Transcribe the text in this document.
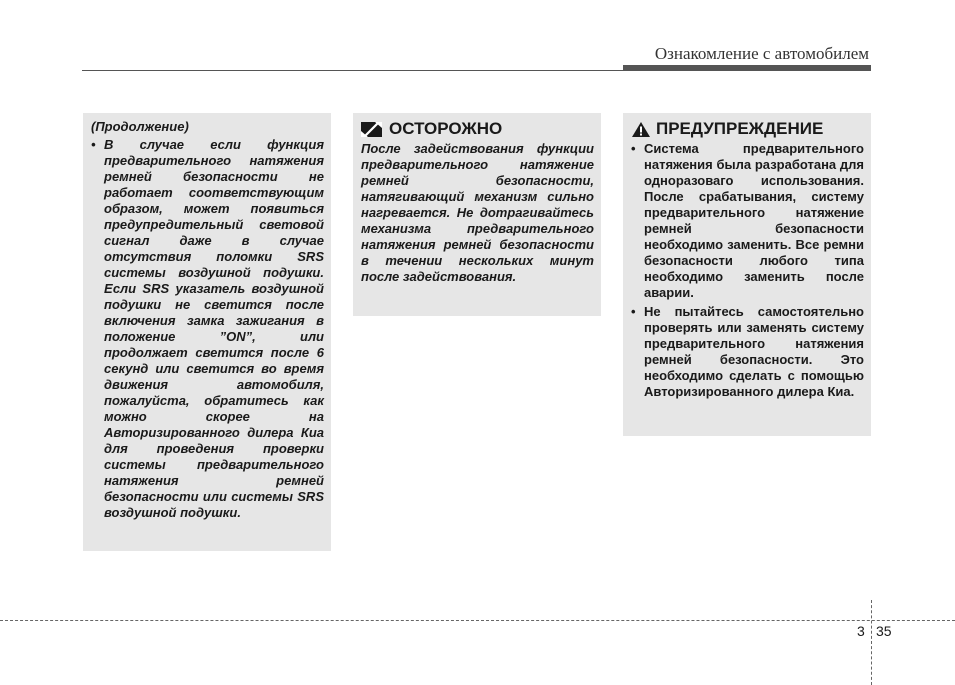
Ознакомление с автомобилем
(Продолжение)
• В случае если функция предварительного натяжения ремней безопасности не работает соответствующим образом, может появиться предупредительный световой сигнал даже в случае отсутствия поломки SRS системы воздушной подушки. Если SRS указатель воздушной подушки не светится после включения замка зажигания в положение ”ON”, или продолжает светится после 6 секунд или светится во время движения автомобиля, пожалуйста, обратитесь как можно скорее на Авторизированного дилера Киа для проведения проверки системы предварительного натяжения ремней безопасности или системы SRS воздушной подушки.
ОСТОРОЖНО
После задействования функции предварительного натяжение ремней безопасности, натягивающий механизм сильно нагревается. Не дотрагивайтесь механизма предварительного натяжения ремней безопасности в течении нескольких минут после задействования.
ПРЕДУПРЕЖДЕНИЕ
• Система предварительного натяжения была разработана для одноразоваго использования. После срабатывания, систему предварительного натяжение ремней безопасности необходимо заменить. Все ремни безопасности любого типа необходимо заменить после аварии.
• Не пытайтесь самостоятельно проверять или заменять систему предварительного натяжения ремней безопасности. Это необходимо сделать с помощью Авторизированного дилера Киа.
3 35
